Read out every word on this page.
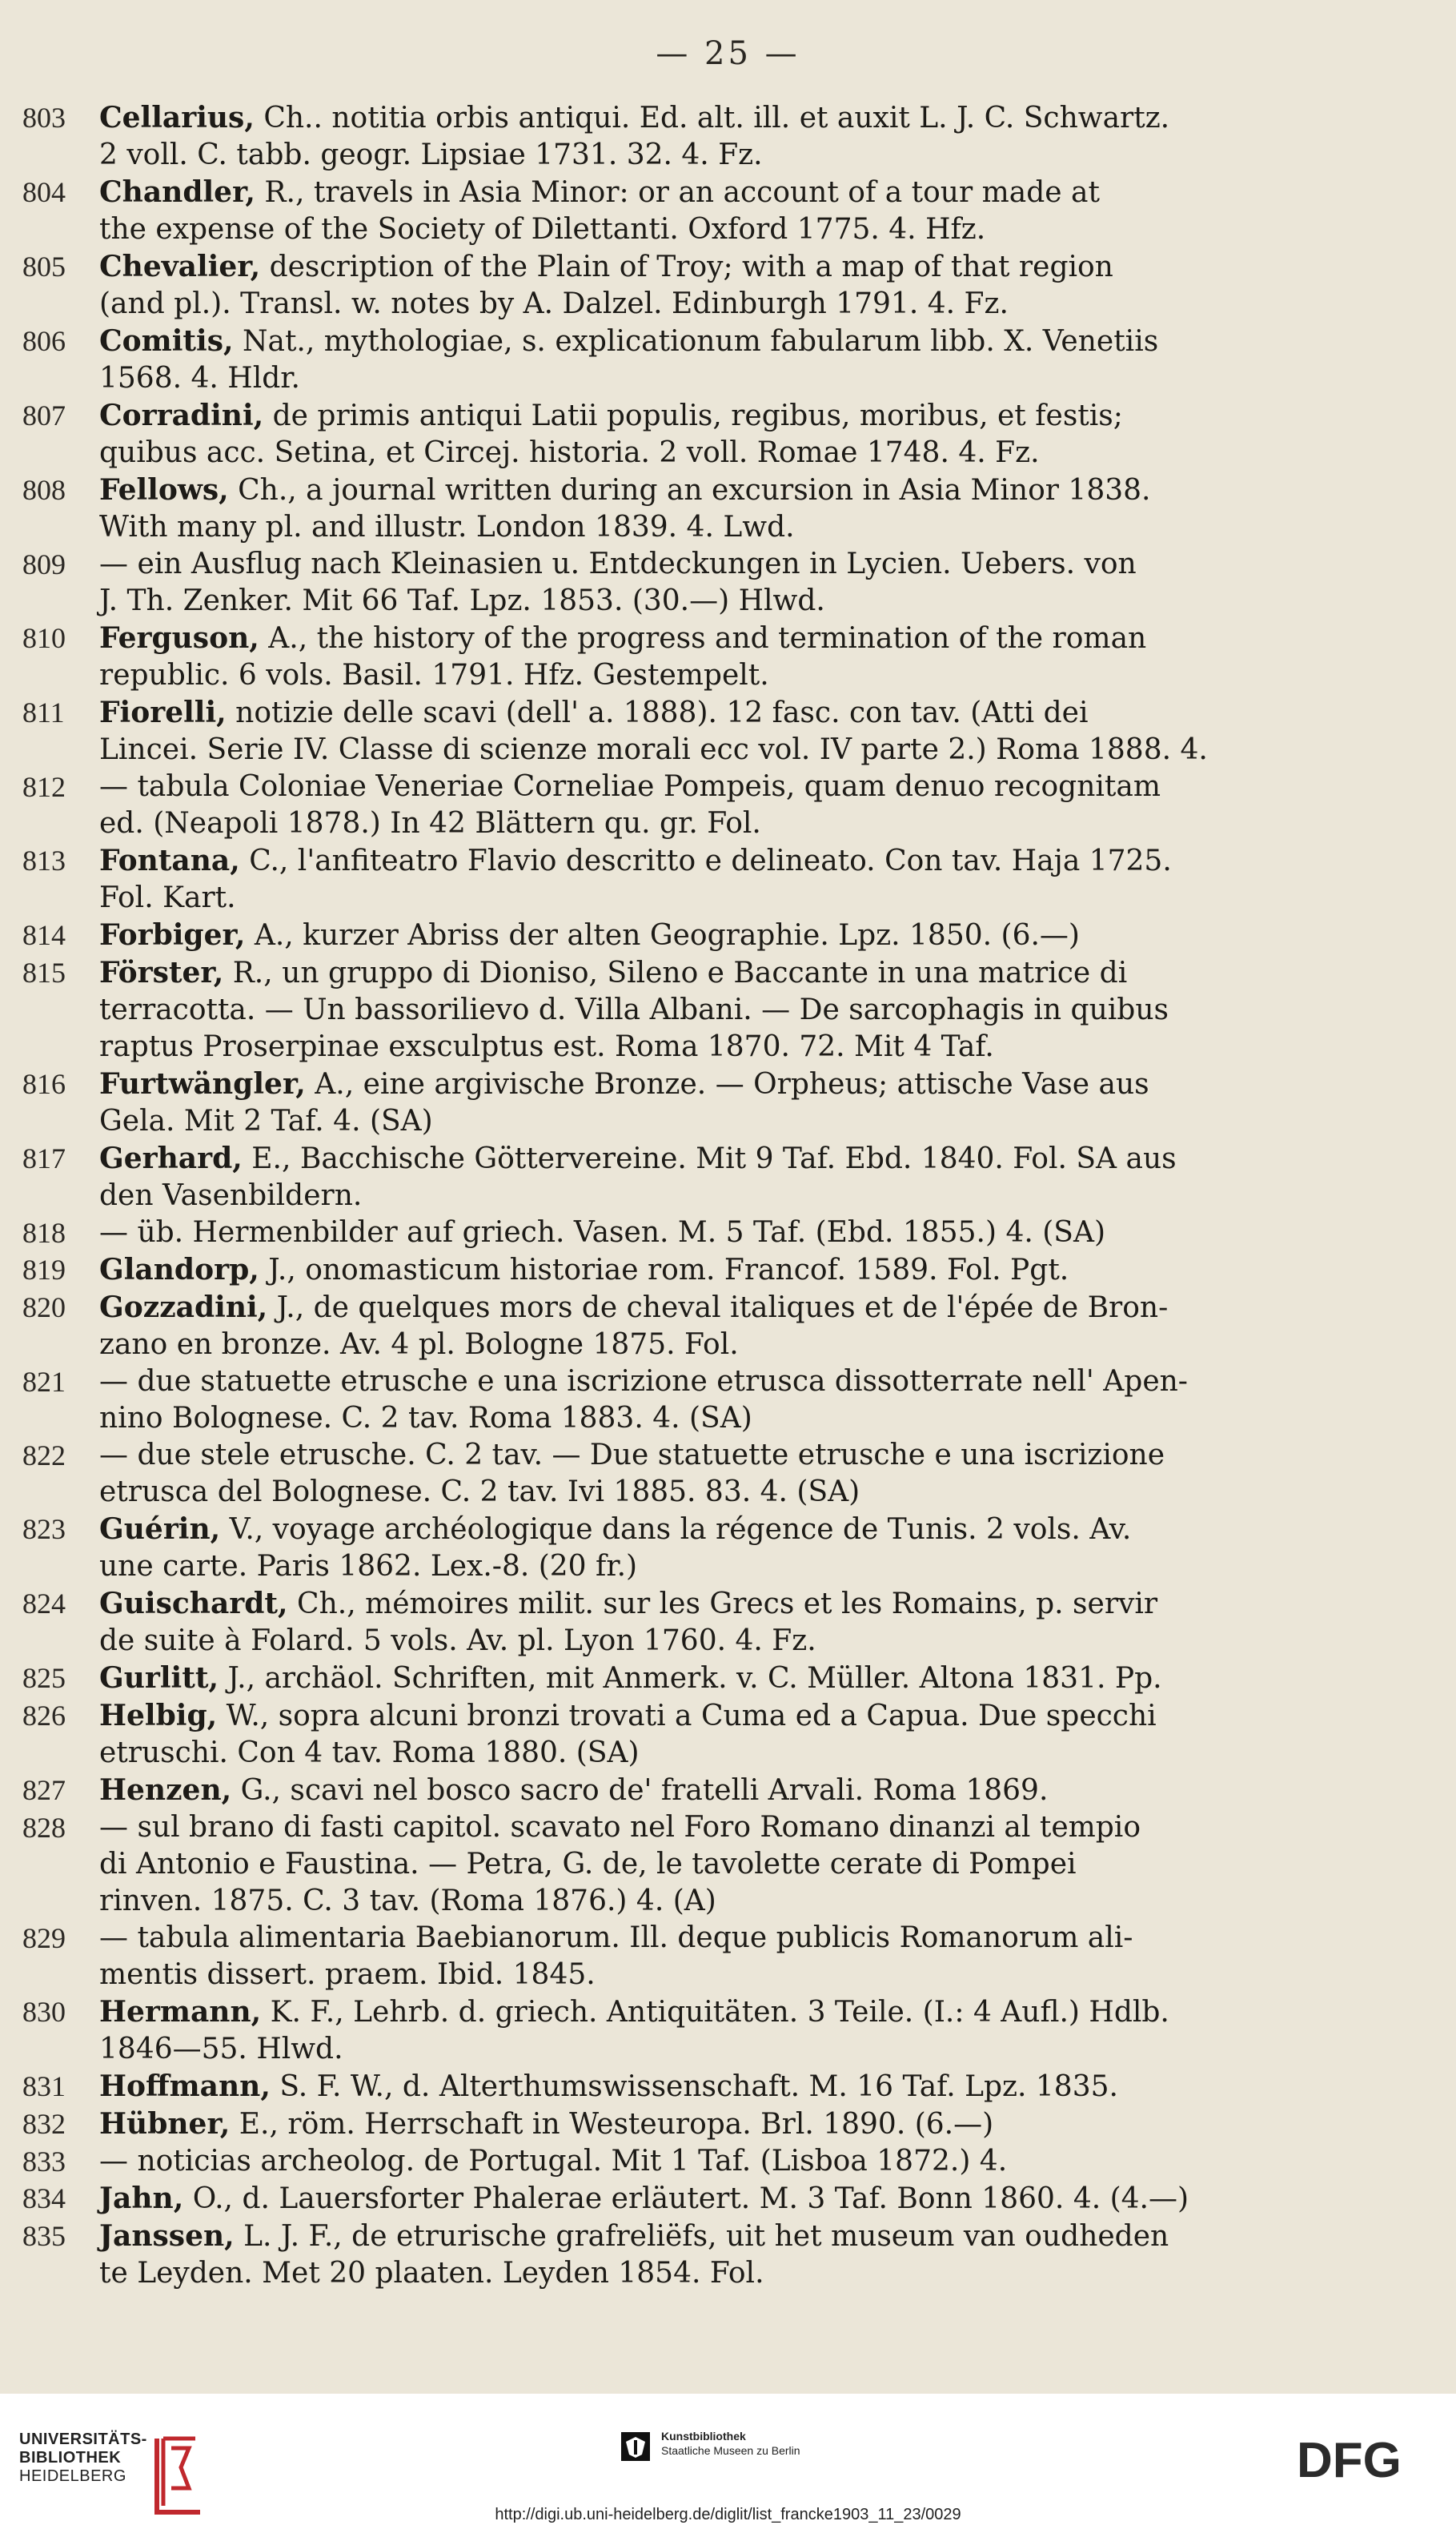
— 25 —
803	Cellarius, Ch.. notitia orbis antiqui. Ed. alt. ill. et auxit L. J. C. Schwartz.
2 voll. C. tabb. geogr. Lipsiae 1731. 32. 4. Fz.
804	Chandler, R., travels in Asia Minor: or an account of a tour made at
the expense of the Society of Dilettanti. Oxford 1775. 4. Hfz.
805	Chevalier, description of the Plain of Troy; with a map of that region
(and pl.). Transl. w. notes by A. Dalzel. Edinburgh 1791. 4. Fz.
806	Comitis, Nat., mythologiae, s. explicationum fabularum libb. X. Venetiis
1568. 4. Hldr.
807	Corradini, de primis antiqui Latii populis, regibus, moribus, et festis;
quibus acc. Setina, et Circej. historia. 2 voll. Romae 1748. 4. Fz.
808	Fellows, Ch., a journal written during an excursion in Asia Minor 1838.
With many pl. and illustr. London 1839. 4. Lwd.
809	— ein Ausflug nach Kleinasien u. Entdeckungen in Lycien. Uebers. von
J. Th. Zenker. Mit 66 Taf. Lpz. 1853. (30.—) Hlwd.
810	Ferguson, A., the history of the progress and termination of the roman
republic. 6 vols. Basil. 1791. Hfz. Gestempelt.
811	Fiorelli, notizie delle scavi (dell' a. 1888). 12 fasc. con tav. (Atti dei
Lincei. Serie IV. Classe di scienze morali ecc vol. IV parte 2.) Roma 1888. 4.
812	— tabula Coloniae Veneriae Corneliae Pompeis, quam denuo recognitam
ed. (Neapoli 1878.) In 42 Blättern qu. gr. Fol.
813	Fontana, C., l'anfiteatro Flavio descritto e delineato. Con tav. Haja 1725.
Fol. Kart.
814	Forbiger, A., kurzer Abriss der alten Geographie. Lpz. 1850. (6.—)
815	Förster, R., un gruppo di Dioniso, Sileno e Baccante in una matrice di
terracotta. — Un bassorilievo d. Villa Albani. — De sarcophagis in quibus
raptus Proserpinae exsculptus est. Roma 1870. 72. Mit 4 Taf.
816	Furtwängler, A., eine argivische Bronze. — Orpheus; attische Vase aus
Gela. Mit 2 Taf. 4. (SA)
817	Gerhard, E., Bacchische Göttervereine. Mit 9 Taf. Ebd. 1840. Fol. SA aus
den Vasenbildern.
818	— üb. Hermenbilder auf griech. Vasen. M. 5 Taf. (Ebd. 1855.) 4. (SA)
819	Glandorp, J., onomasticum historiae rom. Francof. 1589. Fol. Pgt.
820	Gozzadini, J., de quelques mors de cheval italiques et de l'épée de Bron-
zano en bronze. Av. 4 pl. Bologne 1875. Fol.
821	— due statuette etrusche e una iscrizione etrusca dissotterrate nell' Apen-
nino Bolognese. C. 2 tav. Roma 1883. 4. (SA)
822	— due stele etrusche. C. 2 tav. — Due statuette etrusche e una iscrizione
etrusca del Bolognese. C. 2 tav. Ivi 1885. 83. 4. (SA)
823	Guérin, V., voyage archéologique dans la régence de Tunis. 2 vols. Av.
une carte. Paris 1862. Lex.-8. (20 fr.)
824	Guischardt, Ch., mémoires milit. sur les Grecs et les Romains, p. servir
de suite à Folard. 5 vols. Av. pl. Lyon 1760. 4. Fz.
825	Gurlitt, J., archäol. Schriften, mit Anmerk. v. C. Müller. Altona 1831. Pp.
826	Helbig, W., sopra alcuni bronzi trovati a Cuma ed a Capua. Due specchi
etruschi. Con 4 tav. Roma 1880. (SA)
827	Henzen, G., scavi nel bosco sacro de' fratelli Arvali. Roma 1869.
828	— sul brano di fasti capitol. scavato nel Foro Romano dinanzi al tempio
di Antonio e Faustina. — Petra, G. de, le tavolette cerate di Pompei
rinven. 1875. C. 3 tav. (Roma 1876.) 4. (A)
829	— tabula alimentaria Baebianorum. Ill. deque publicis Romanorum ali-
mentis dissert. praem. Ibid. 1845.
830	Hermann, K. F., Lehrb. d. griech. Antiquitäten. 3 Teile. (I.: 4 Aufl.) Hdlb.
1846—55. Hlwd.
831	Hoffmann, S. F. W., d. Alterthumswissenschaft. M. 16 Taf. Lpz. 1835.
832	Hübner, E., röm. Herrschaft in Westeuropa. Brl. 1890. (6.—)
833	— noticias archeolog. de Portugal. Mit 1 Taf. (Lisboa 1872.) 4.
834	Jahn, O., d. Lauersforter Phalerae erläutert. M. 3 Taf. Bonn 1860. 4. (4.—)
835	Janssen, L. J. F., de etrurische grafreliëfs, uit het museum van oudheden
te Leyden. Met 20 plaaten. Leyden 1854. Fol.
UNIVERSITÄTS-
BIBLIOTHEK
HEIDELBERG
Kunstbibliothek
Staatliche Museen zu Berlin	DFG
http://digi.ub.uni-heidelberg.de/diglit/list_francke1903_11_23/0029
